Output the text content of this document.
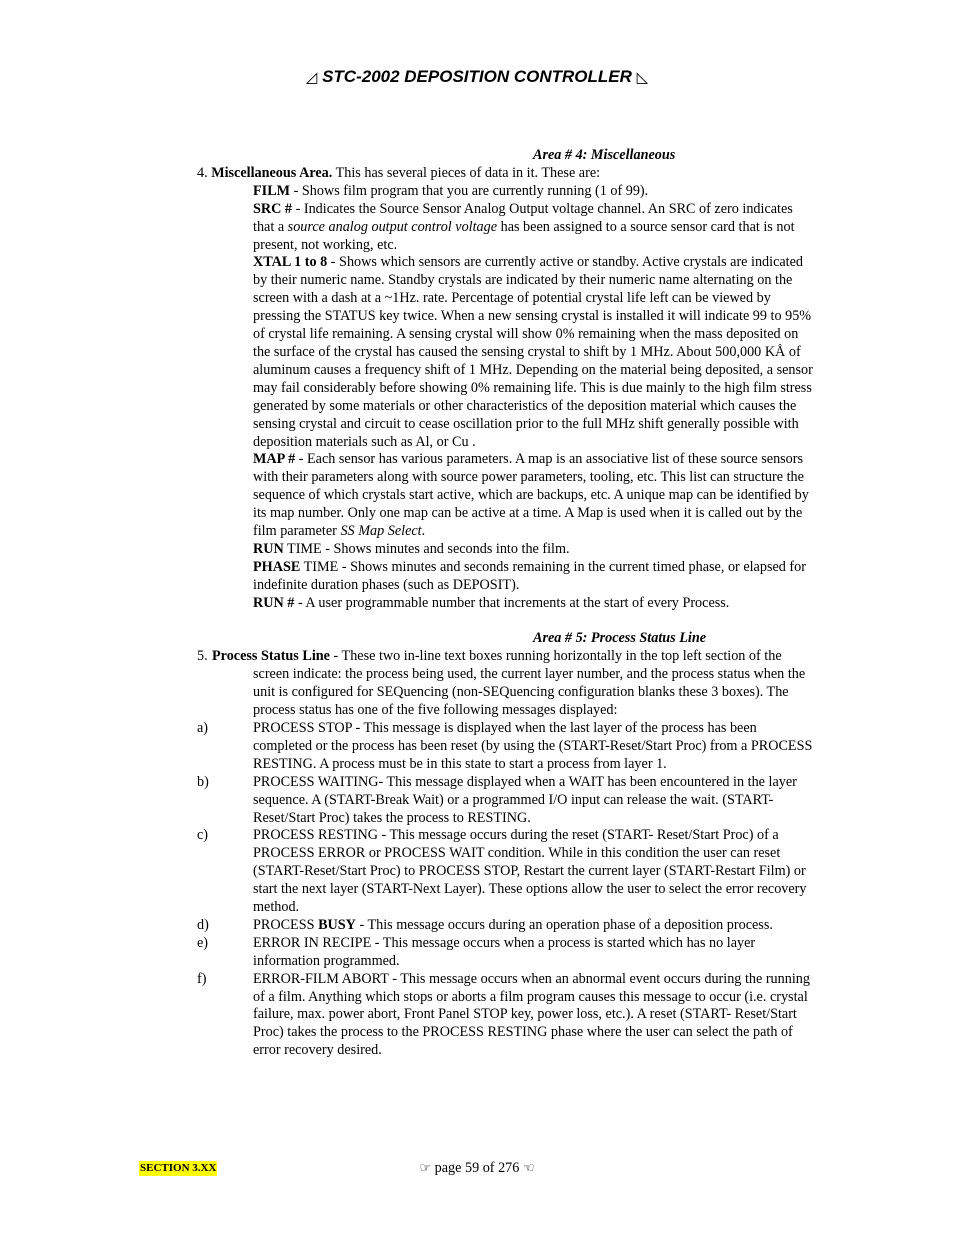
◿ STC-2002 DEPOSITION CONTROLLER ◺
Area # 4: Miscellaneous

4. Miscellaneous Area. This has several pieces of data in it. These are:

FILM - Shows film program that you are currently running (1 of 99).

SRC # - Indicates the Source Sensor Analog Output voltage channel. An SRC of zero indicates that a source analog output control voltage has been assigned to a source sensor card that is not present, not working, etc.

XTAL 1 to 8 - Shows which sensors are currently active or standby. Active crystals are indicated by their numeric name. Standby crystals are indicated by their numeric name alternating on the screen with a dash at a ~1Hz. rate. Percentage of potential crystal life left can be viewed by pressing the STATUS key twice. When a new sensing crystal is installed it will indicate 99 to 95% of crystal life remaining. A sensing crystal will show 0% remaining when the mass deposited on the surface of the crystal has caused the sensing crystal to shift by 1 MHz. About 500,000 KÅ of aluminum causes a frequency shift of 1 MHz. Depending on the material being deposited, a sensor may fail considerably before showing 0% remaining life. This is due mainly to the high film stress generated by some materials or other characteristics of the deposition material which causes the sensing crystal and circuit to cease oscillation prior to the full MHz shift generally possible with deposition materials such as Al, or Cu .

MAP # - Each sensor has various parameters. A map is an associative list of these source sensors with their parameters along with source power parameters, tooling, etc. This list can structure the sequence of which crystals start active, which are backups, etc. A unique map can be identified by its map number. Only one map can be active at a time. A Map is used when it is called out by the film parameter SS Map Select.

RUN TIME - Shows minutes and seconds into the film.

PHASE TIME - Shows minutes and seconds remaining in the current timed phase, or elapsed for indefinite duration phases (such as DEPOSIT).

RUN # - A user programmable number that increments at the start of every Process.

Area # 5: Process Status Line
5. Process Status Line - These two in-line text boxes running horizontally in the top left section of the screen indicate: the process being used, the current layer number, and the process status when the unit is configured for SEQuencing (non-SEQuencing configuration blanks these 3 boxes). The process status has one of the five following messages displayed:
a)	PROCESS STOP - This message is displayed when the last layer of the process has been completed or the process has been reset (by using the (START-Reset/Start Proc) from a PROCESS RESTING. A process must be in this state to start a process from layer 1.
b)	PROCESS WAITING- This message displayed when a WAIT has been encountered in the layer sequence. A (START-Break Wait) or a programmed I/O input can release the wait. (START-Reset/Start Proc) takes the process to RESTING.
c)	PROCESS RESTING - This message occurs during the reset (START- Reset/Start Proc) of a PROCESS ERROR or PROCESS WAIT condition. While in this condition the user can reset (START-Reset/Start Proc) to PROCESS STOP, Restart the current layer (START-Restart Film) or start the next layer (START-Next Layer). These options allow the user to select the error recovery method.
d)	PROCESS BUSY - This message occurs during an operation phase of a deposition process.
e)	ERROR IN RECIPE - This message occurs when a process is started which has no layer information programmed.
f)	ERROR-FILM ABORT - This message occurs when an abnormal event occurs during the running of a film. Anything which stops or aborts a film program causes this message to occur (i.e. crystal failure, max. power abort, Front Panel STOP key, power loss, etc.). A reset (START- Reset/Start Proc) takes the process to the PROCESS RESTING phase where the user can select the path of error recovery desired.
SECTION 3.XX	☞ page 59 of 276 ☜
